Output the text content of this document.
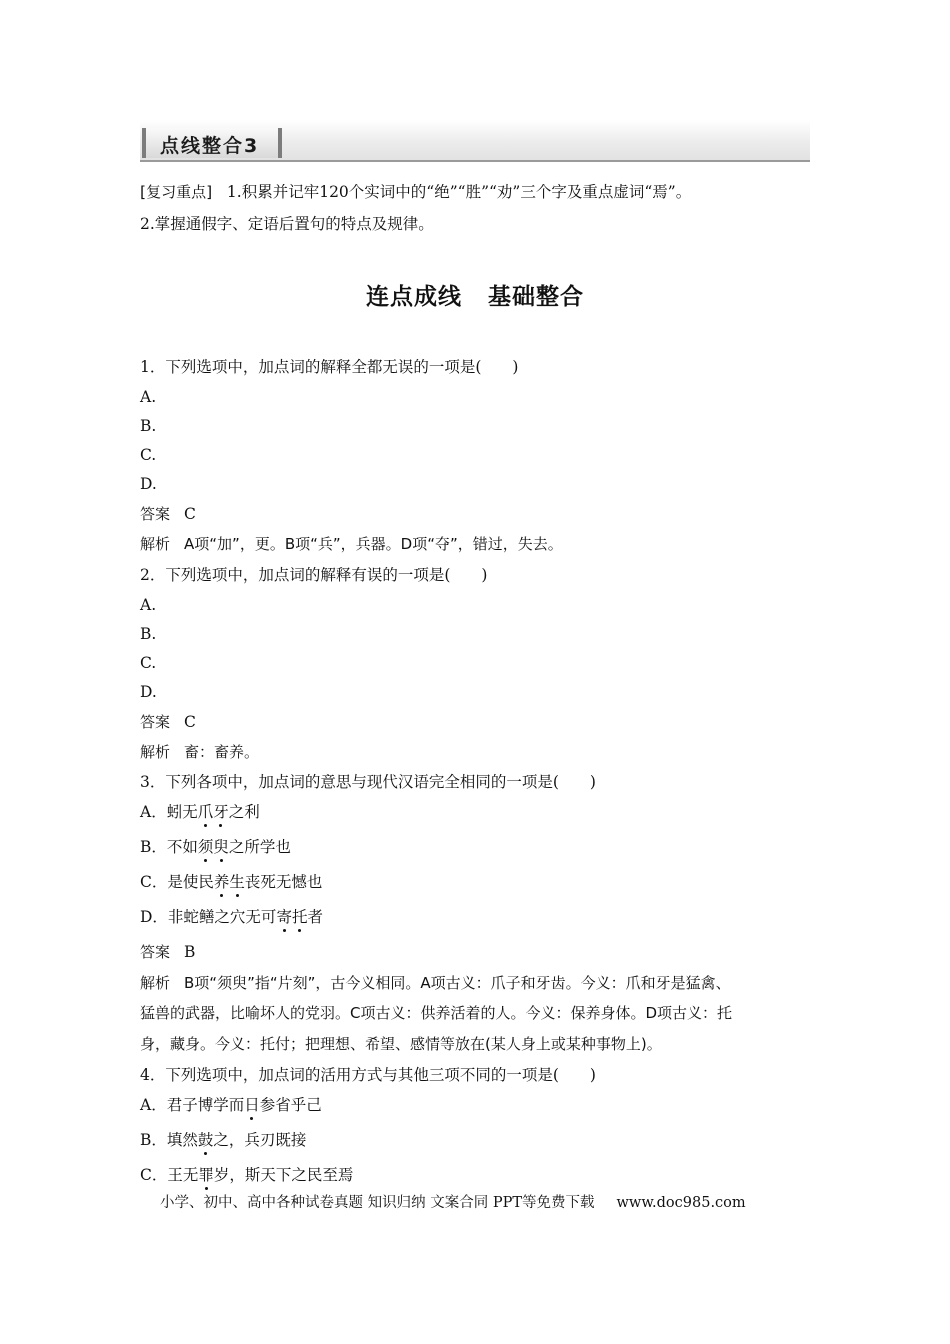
点线整合3
[复习重点] 1.积累并记牢120个实词中的“绝”“胜”“劝”三个字及重点虚词“焉”。
2.掌握通假字、定语后置句的特点及规律。
连点成线 基础整合
1．下列选项中，加点词的解释全都无误的一项是(　　)
A.
B.
C.
D.
答案 C
解析 A项“加”，更。B项“兵”，兵器。D项“夺”，错过，失去。
2．下列选项中，加点词的解释有误的一项是(　　)
A.
B.
C.
D.
答案 C
解析 畜：畜养。
3．下列各项中，加点词的意思与现代汉语完全相同的一项是(　　)
A．蚓无爪牙之利
B．不如须臾之所学也
C．是使民养生丧死无憾也
D．非蛇鳝之穴无可寄托者
答案 B
解析 B项“须臾”指“片刻”，古今义相同。A项古义：爪子和牙齿。今义：爪和牙是猛禽、
猛兽的武器，比喻坏人的党羽。C项古义：供养活着的人。今义：保养身体。D项古义：托
身，藏身。今义：托付；把理想、希望、感情等放在(某人身上或某种事物上)。
4．下列选项中，加点词的活用方式与其他三项不同的一项是(　　)
A．君子博学而日参省乎己
B．填然鼓之，兵刃既接
C．王无罪岁，斯天下之民至焉
小学、初中、高中各种试卷真题 知识归纳 文案合同 PPT等免费下载 www.doc985.com
